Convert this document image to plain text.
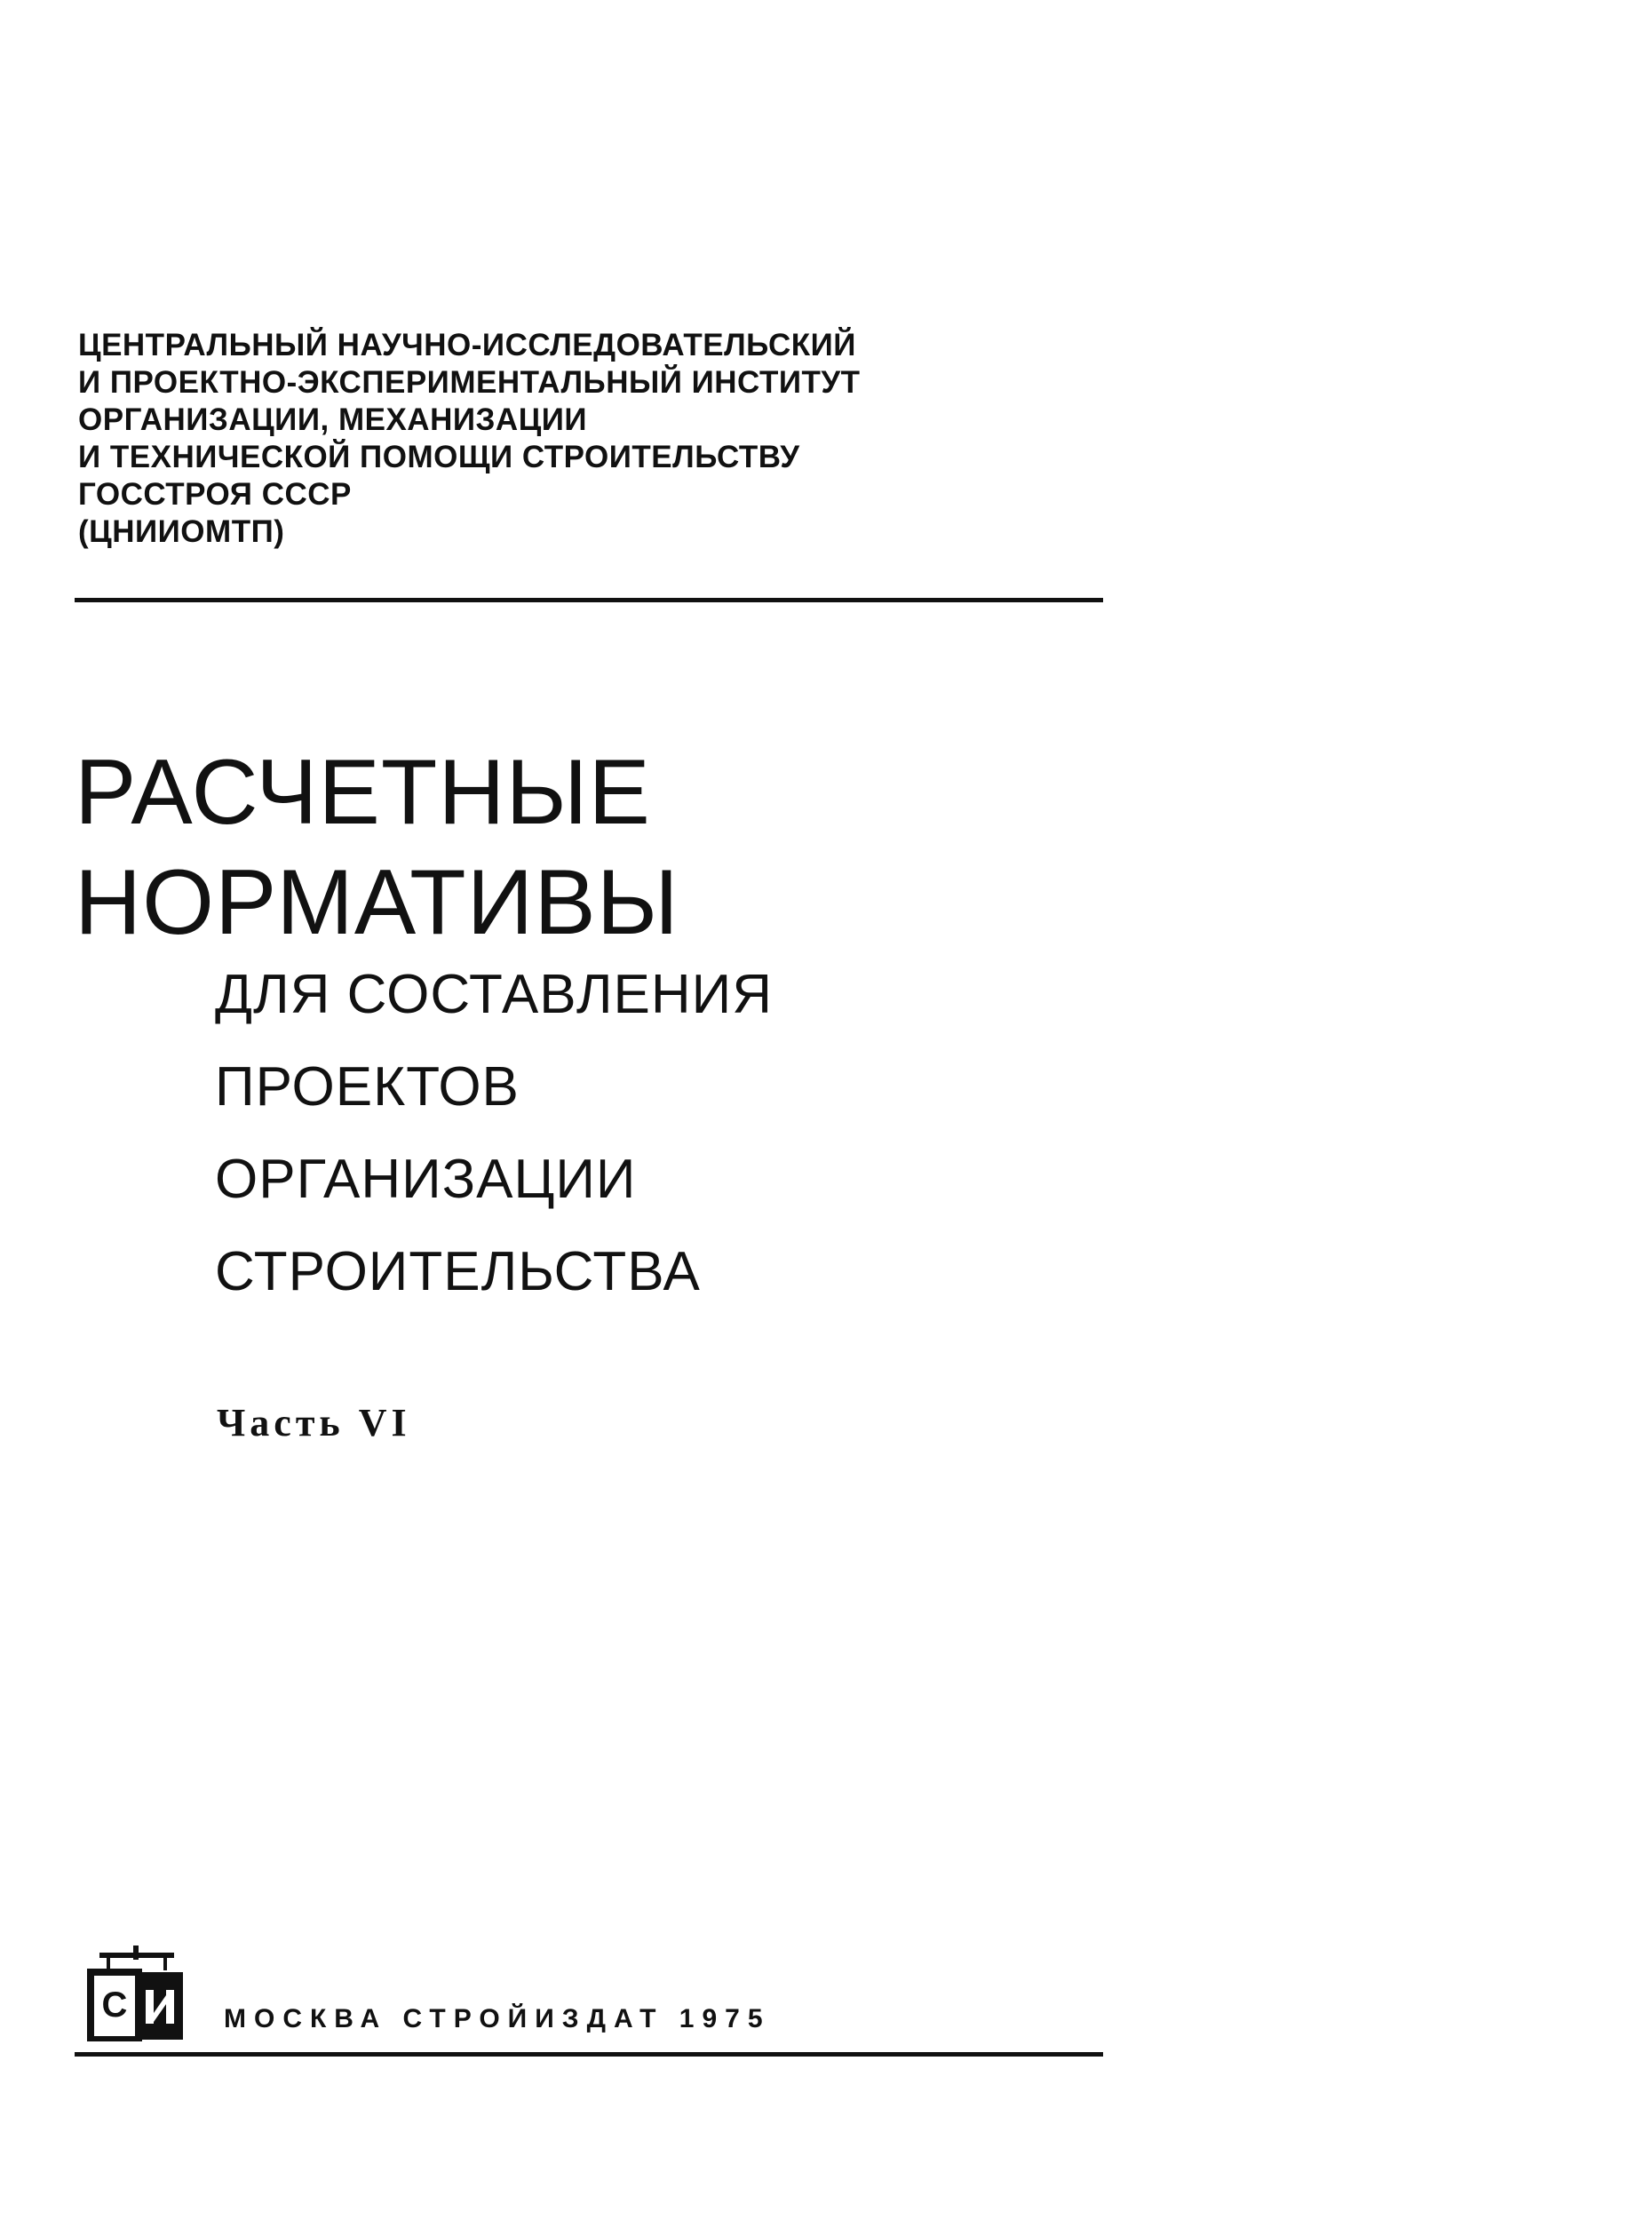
ЦЕНТРАЛЬНЫЙ НАУЧНО-ИССЛЕДОВАТЕЛЬСКИЙ
И ПРОЕКТНО-ЭКСПЕРИМЕНТАЛЬНЫЙ ИНСТИТУТ
ОРГАНИЗАЦИИ, МЕХАНИЗАЦИИ
И ТЕХНИЧЕСКОЙ ПОМОЩИ СТРОИТЕЛЬСТВУ
ГОССТРОЯ СССР
(ЦНИИОМТП)
РАСЧЕТНЫЕ
НОРМАТИВЫ
ДЛЯ СОСТАВЛЕНИЯ
ПРОЕКТОВ
ОРГАНИЗАЦИИ
СТРОИТЕЛЬСТВА
Часть VI
С	МОСКВА СТРОЙИЗДАТ 1975
